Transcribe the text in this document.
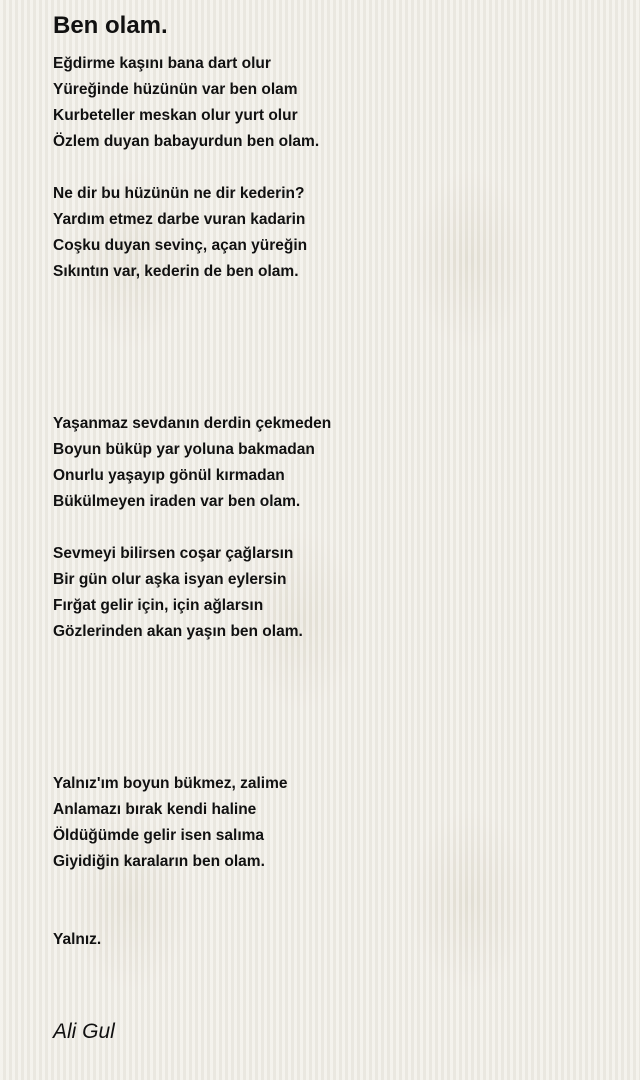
Ben olam.

Eğdirme kaşını bana dart olur

Yüreğinde hüzünün var ben olam

Kurbeteller meskan olur yurt olur

Özlem duyan babayurdun ben olam.

Ne dir bu hüzünün ne dir kederin?

Yardım etmez darbe vuran kadarin

Coşku duyan sevinç, açan yüreğin

Sıkıntın var, kederin de ben olam.

Yaşanmaz sevdanın derdin çekmeden

Boyun büküp yar yoluna bakmadan

Onurlu yaşayıp gönül kırmadan

Bükülmeyen iraden var ben olam.

Sevmeyi bilirsen coşar çağlarsın

Bir gün olur aşka isyan eylersin

Fırğat gelir için, için ağlarsın

Gözlerinden akan yaşın ben olam.

Yalnız'ım boyun bükmez, zalime

Anlamazı bırak kendi haline

Öldüğümde gelir isen salıma

Giyidiğin karaların ben olam.

Yalnız.

Ali Gul
